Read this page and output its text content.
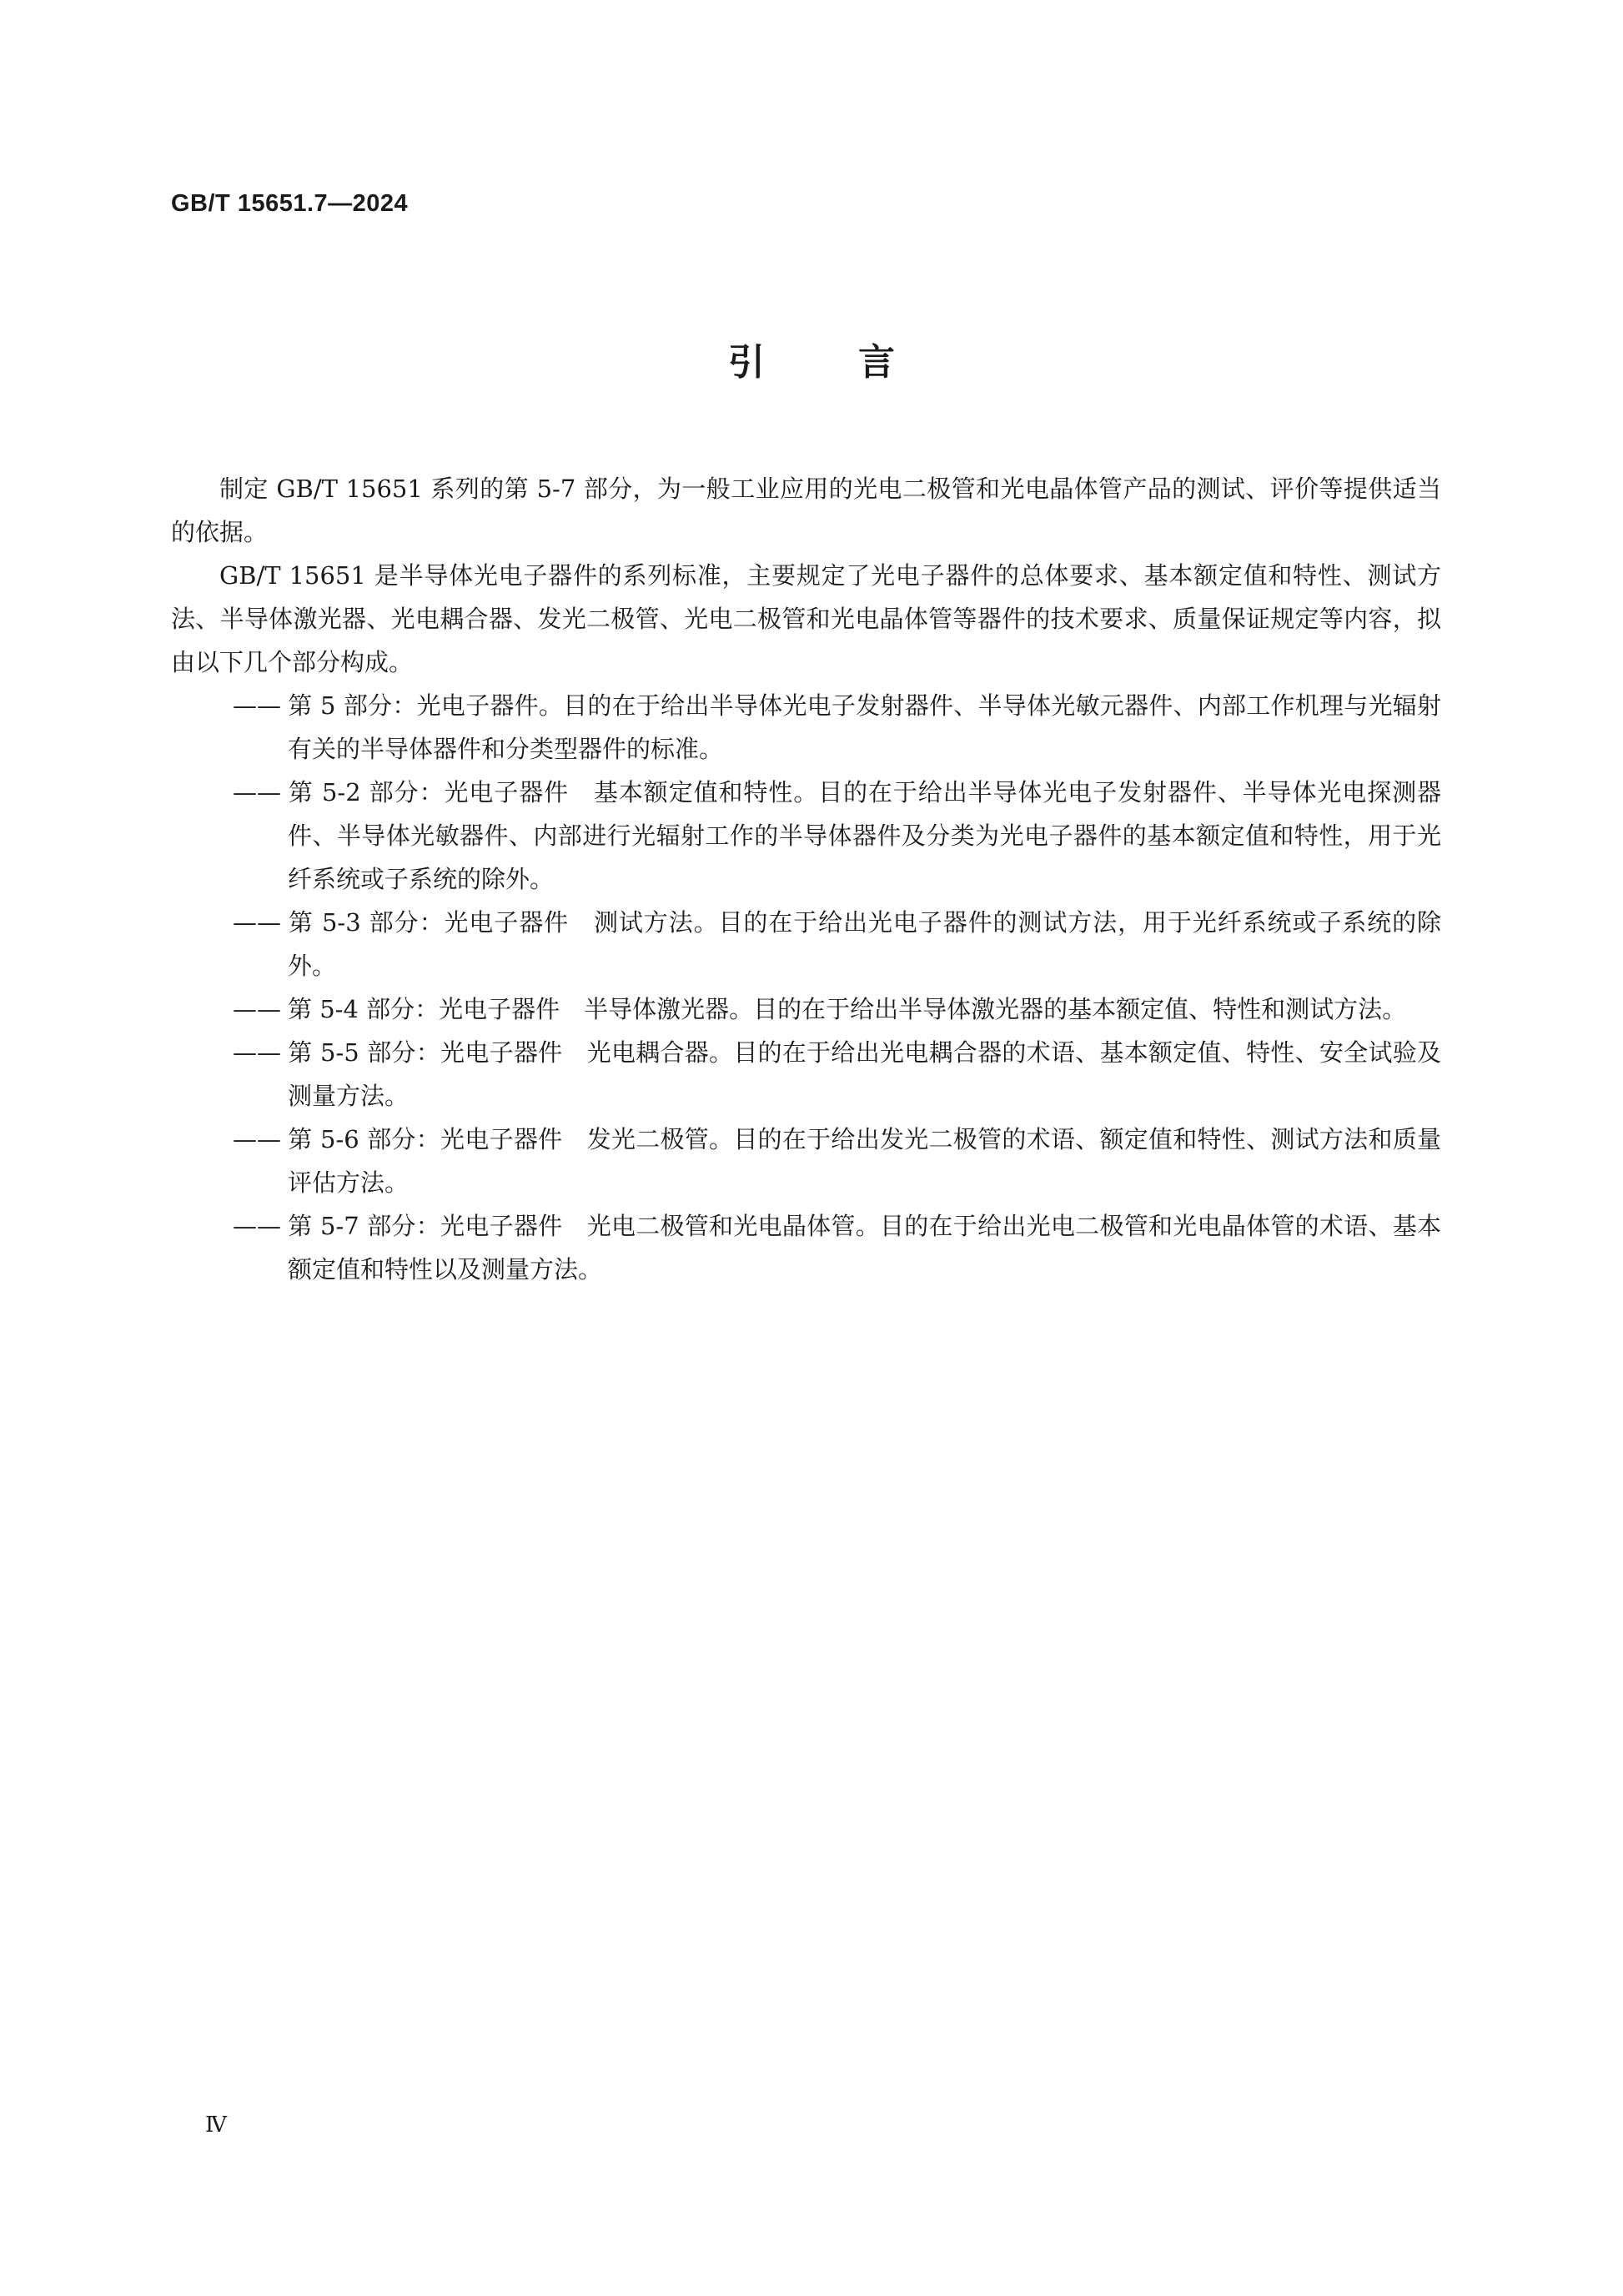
GB/T 15651.7—2024

引言

制定 GB/T 15651 系列的第 5-7 部分，为一般工业应用的光电二极管和光电晶体管产品的测试、评价等提供适当的依据。

GB/T 15651 是半导体光电子器件的系列标准，主要规定了光电子器件的总体要求、基本额定值和特性、测试方法、半导体激光器、光电耦合器、发光二极管、光电二极管和光电晶体管等器件的技术要求、质量保证规定等内容，拟由以下几个部分构成。

—— 第 5 部分：光电子器件。目的在于给出半导体光电子发射器件、半导体光敏元器件、内部工作机理与光辐射有关的半导体器件和分类型器件的标准。

—— 第 5-2 部分：光电子器件　基本额定值和特性。目的在于给出半导体光电子发射器件、半导体光电探测器件、半导体光敏器件、内部进行光辐射工作的半导体器件及分类为光电子器件的基本额定值和特性，用于光纤系统或子系统的除外。

—— 第 5-3 部分：光电子器件　测试方法。目的在于给出光电子器件的测试方法，用于光纤系统或子系统的除外。

—— 第 5-4 部分：光电子器件　半导体激光器。目的在于给出半导体激光器的基本额定值、特性和测试方法。

—— 第 5-5 部分：光电子器件　光电耦合器。目的在于给出光电耦合器的术语、基本额定值、特性、安全试验及测量方法。

—— 第 5-6 部分：光电子器件　发光二极管。目的在于给出发光二极管的术语、额定值和特性、测试方法和质量评估方法。

—— 第 5-7 部分：光电子器件　光电二极管和光电晶体管。目的在于给出光电二极管和光电晶体管的术语、基本额定值和特性以及测量方法。

Ⅳ
